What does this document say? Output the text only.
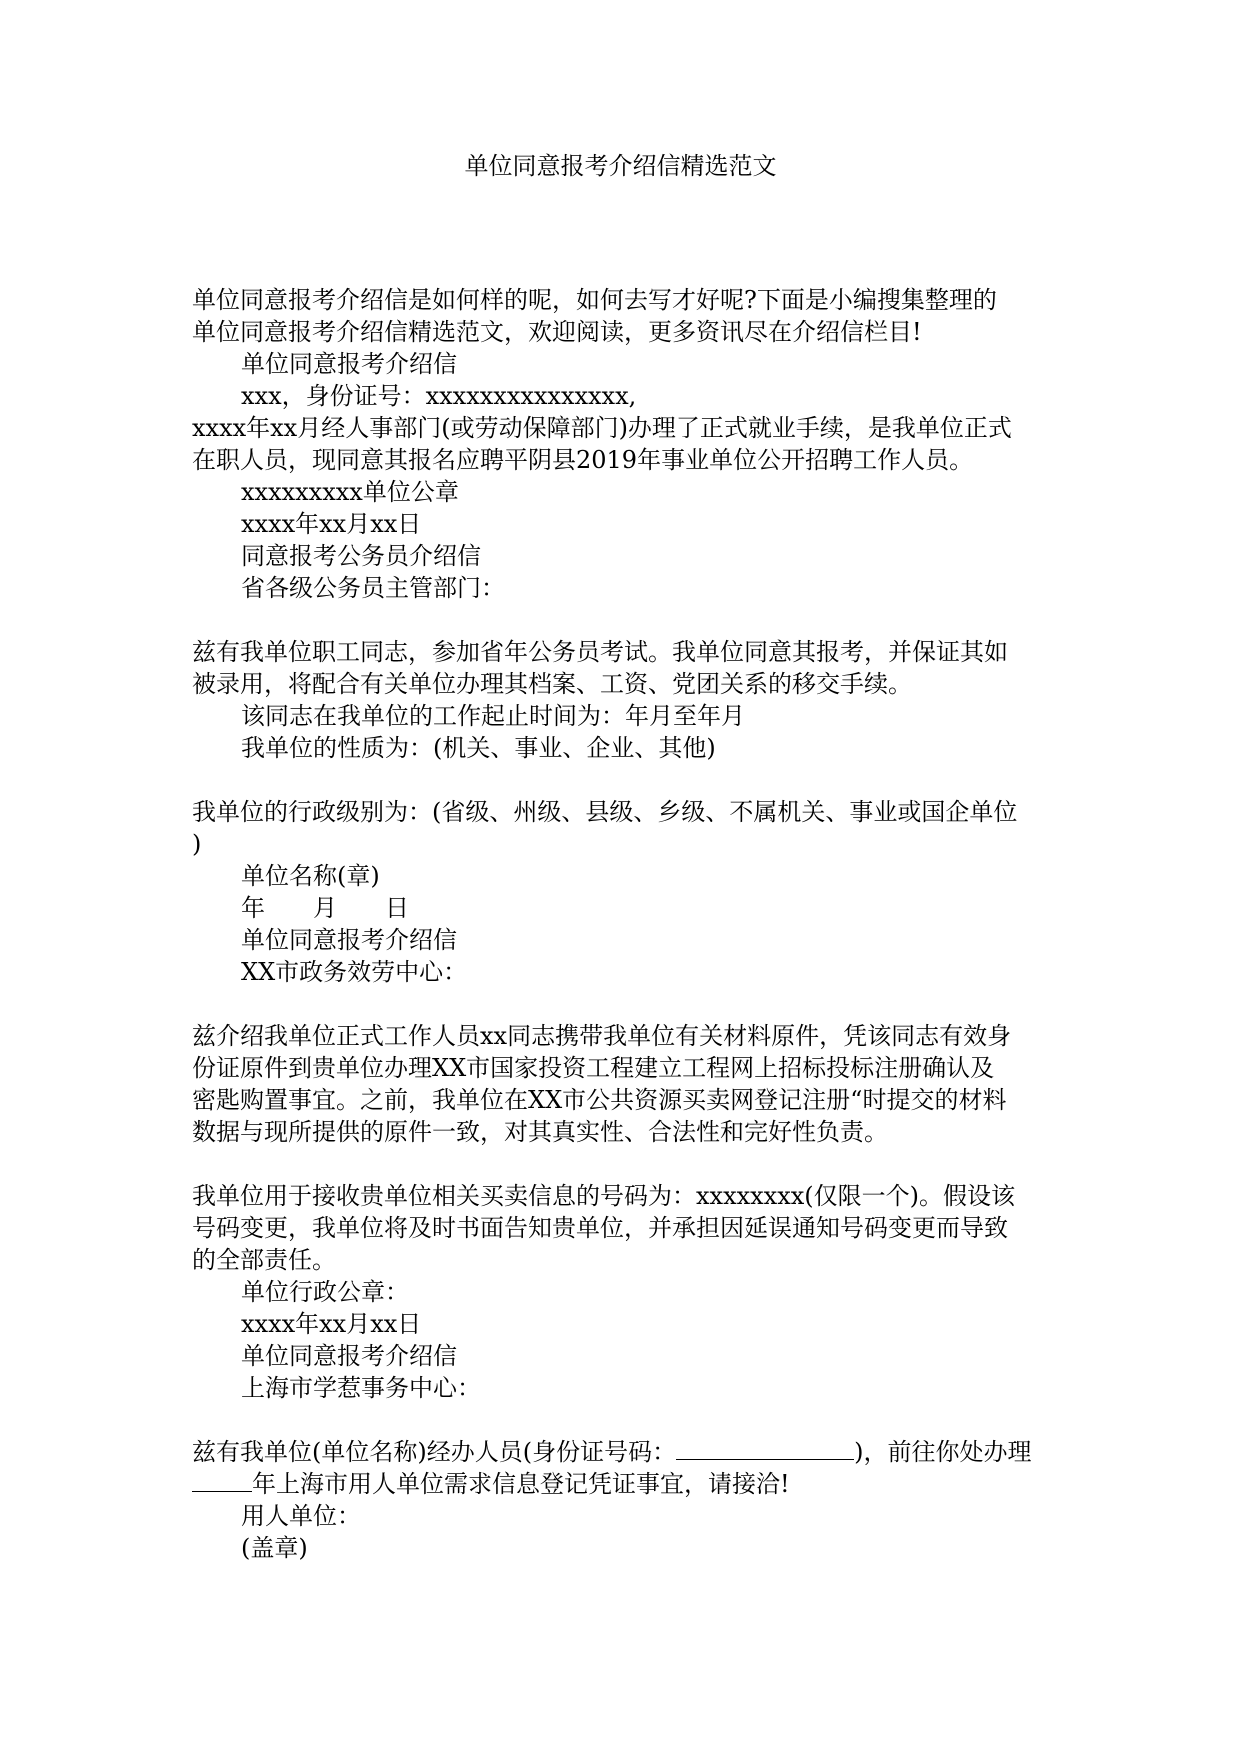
单位同意报考介绍信精选范文
单位同意报考介绍信是如何样的呢，如何去写才好呢?下面是小编搜集整理的
单位同意报考介绍信精选范文，欢迎阅读，更多资讯尽在介绍信栏目!
单位同意报考介绍信
xxx，身份证号：xxxxxxxxxxxxxxx,
xxxx年xx月经人事部门(或劳动保障部门)办理了正式就业手续，是我单位正式
在职人员，现同意其报名应聘平阴县2019年事业单位公开招聘工作人员。
xxxxxxxxx单位公章
xxxx年xx月xx日
同意报考公务员介绍信
省各级公务员主管部门：
兹有我单位职工同志，参加省年公务员考试。我单位同意其报考，并保证其如
被录用，将配合有关单位办理其档案、工资、党团关系的移交手续。
该同志在我单位的工作起止时间为：年月至年月
我单位的性质为：(机关、事业、企业、其他)
我单位的行政级别为：(省级、州级、县级、乡级、不属机关、事业或国企单位
)
单位名称(章)
年 月 日
单位同意报考介绍信
XX市政务效劳中心：
兹介绍我单位正式工作人员xx同志携带我单位有关材料原件，凭该同志有效身
份证原件到贵单位办理XX市国家投资工程建立工程网上招标投标注册确认及
密匙购置事宜。之前，我单位在XX市公共资源买卖网登记注册“时提交的材料
数据与现所提供的原件一致，对其真实性、合法性和完好性负责。
我单位用于接收贵单位相关买卖信息的号码为：xxxxxxxx(仅限一个)。假设该
号码变更，我单位将及时书面告知贵单位，并承担因延误通知号码变更而导致
的全部责任。
单位行政公章：
xxxx年xx月xx日
单位同意报考介绍信
上海市学惹事务中心：
兹有我单位(单位名称)经办人员(身份证号码：	)，前往你处办理
年上海市用人单位需求信息登记凭证事宜，请接洽!
用人单位：
(盖章)
